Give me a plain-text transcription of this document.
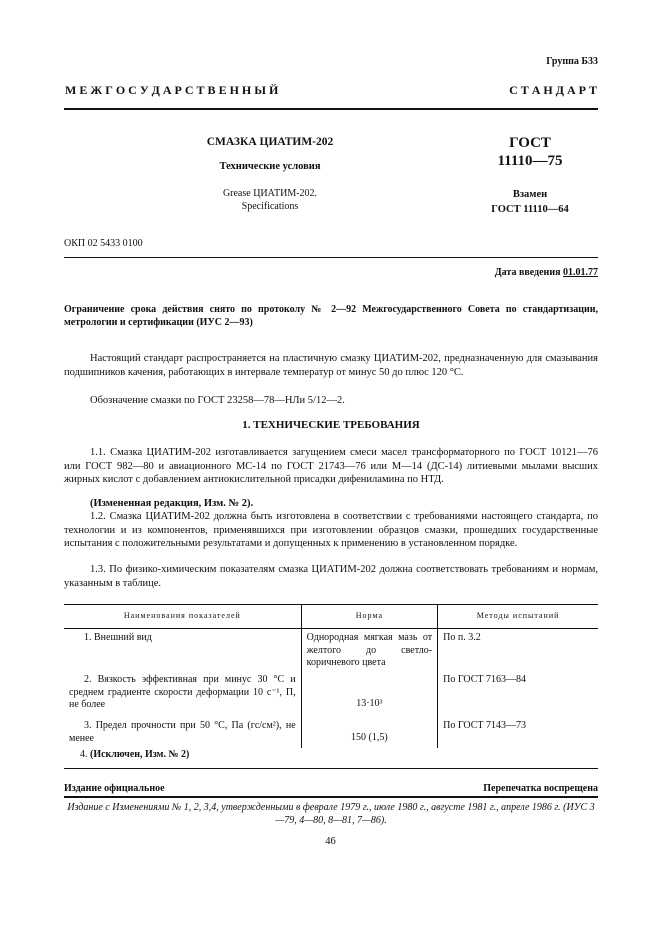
Группа Б33
М Е Ж Г О С У Д А Р С Т В Е Н Н Ы Й	С Т А Н Д А Р Т
СМАЗКА ЦИАТИМ-202
Технические условия
Grease ЦИАТИМ-202.
Specifications
ГОСТ
11110—75
Взамен
ГОСТ 11110—64
ОКП 02 5433 0100
Дата введения 01.01.77
Ограничение срока действия снято по протоколу № 2—92 Межгосударственного Совета по стандартизации, метрологии и сертификации (ИУС 2—93)

Настоящий стандарт распространяется на пластичную смазку ЦИАТИМ-202, предназначенную для смазывания подшипников качения, работающих в интервале температур от минус 50 до плюс 120 °С.

Обозначение смазки по ГОСТ 23258—78—НЛи 5/12—2.

1. ТЕХНИЧЕСКИЕ ТРЕБОВАНИЯ

1.1. Смазка ЦИАТИМ-202 изготавливается загущением смеси масел трансформаторного по ГОСТ 10121—76 или ГОСТ 982—80 и авиационного МС-14 по ГОСТ 21743—76 или М—14 (ДС-14) литиевыми мылами высших жирных кислот с добавлением антиокислительной присадки дифениламина по НТД.

(Измененная редакция, Изм. № 2).

1.2. Смазка ЦИАТИМ-202 должна быть изготовлена в соответствии с требованиями настоящего стандарта, по технологии и из компонентов, применявшихся при изготовлении образцов смазки, прошедших государственные испытания с положительными результатами и допущенных к применению в установленном порядке.

1.3. По физико-химическим показателям смазка ЦИАТИМ-202 должна соответствовать требованиям и нормам, указанным в таблице.

Наименования показателей	Норма	Методы испытаний
1. Внешний вид	Однородная мягкая мазь от желтого до светло-коричневого цвета	По п. 3.2
2. Вязкость эффективная при минус 30 °С и среднем градиенте скорости деформации 10 с⁻¹, П, не более	13·10³	По ГОСТ 7163—84
3. Предел прочности при 50 °С, Па (гс/см²), не менее	150 (1,5)	По ГОСТ 7143—73
4. (Исключен, Изм. № 2)
Издание официальное	Перепечатка воспрещена
Издание с Изменениями № 1, 2, 3,4, утвержденными в феврале 1979 г., июле 1980 г., августе 1981 г., апреле 1986 г. (ИУС 3—79, 4—80, 8—81, 7—86).
46
